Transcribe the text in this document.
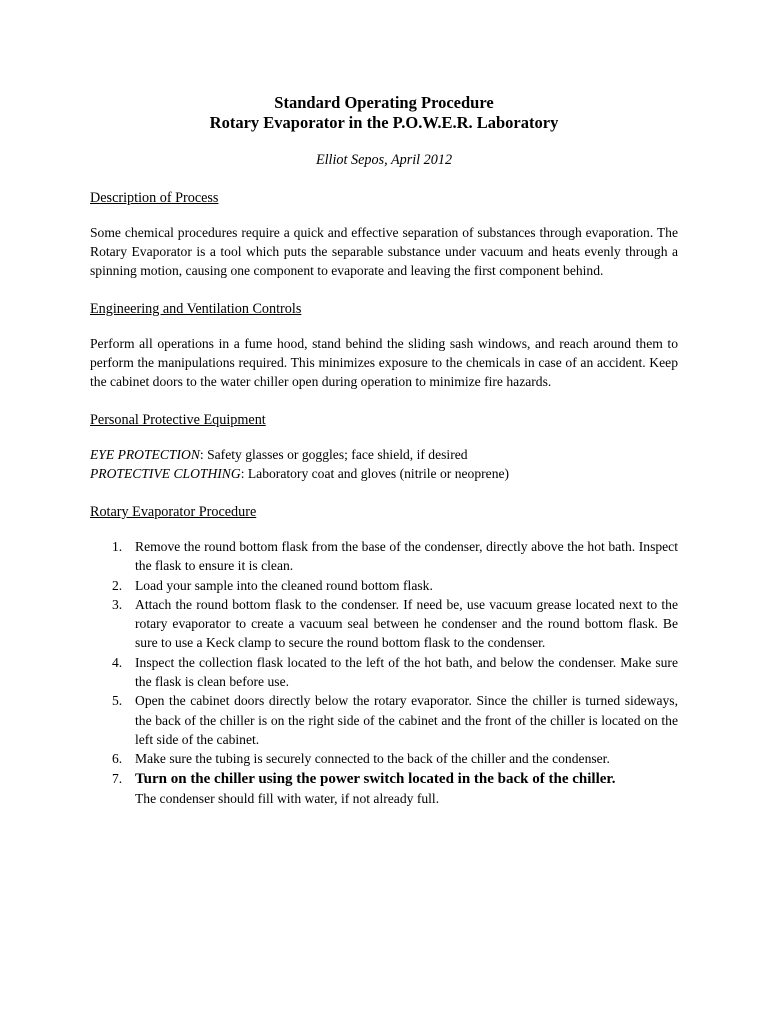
Standard Operating Procedure

Rotary Evaporator in the P.O.W.E.R. Laboratory

Elliot Sepos, April 2012

Description of Process

Some chemical procedures require a quick and effective separation of substances through evaporation. The Rotary Evaporator is a tool which puts the separable substance under vacuum and heats evenly through a spinning motion, causing one component to evaporate and leaving the first component behind.

Engineering and Ventilation Controls

Perform all operations in a fume hood, stand behind the sliding sash windows, and reach around them to perform the manipulations required. This minimizes exposure to the chemicals in case of an accident. Keep the cabinet doors to the water chiller open during operation to minimize fire hazards.

Personal Protective Equipment

EYE PROTECTION: Safety glasses or goggles; face shield, if desired
PROTECTIVE CLOTHING: Laboratory coat and gloves (nitrile or neoprene)

Rotary Evaporator Procedure

1. Remove the round bottom flask from the base of the condenser, directly above the hot bath. Inspect the flask to ensure it is clean.
2. Load your sample into the cleaned round bottom flask.
3. Attach the round bottom flask to the condenser. If need be, use vacuum grease located next to the rotary evaporator to create a vacuum seal between he condenser and the round bottom flask. Be sure to use a Keck clamp to secure the round bottom flask to the condenser.
4. Inspect the collection flask located to the left of the hot bath, and below the condenser. Make sure the flask is clean before use.
5. Open the cabinet doors directly below the rotary evaporator. Since the chiller is turned sideways, the back of the chiller is on the right side of the cabinet and the front of the chiller is located on the left side of the cabinet.
6. Make sure the tubing is securely connected to the back of the chiller and the condenser.
7. Turn on the chiller using the power switch located in the back of the chiller.
The condenser should fill with water, if not already full.
